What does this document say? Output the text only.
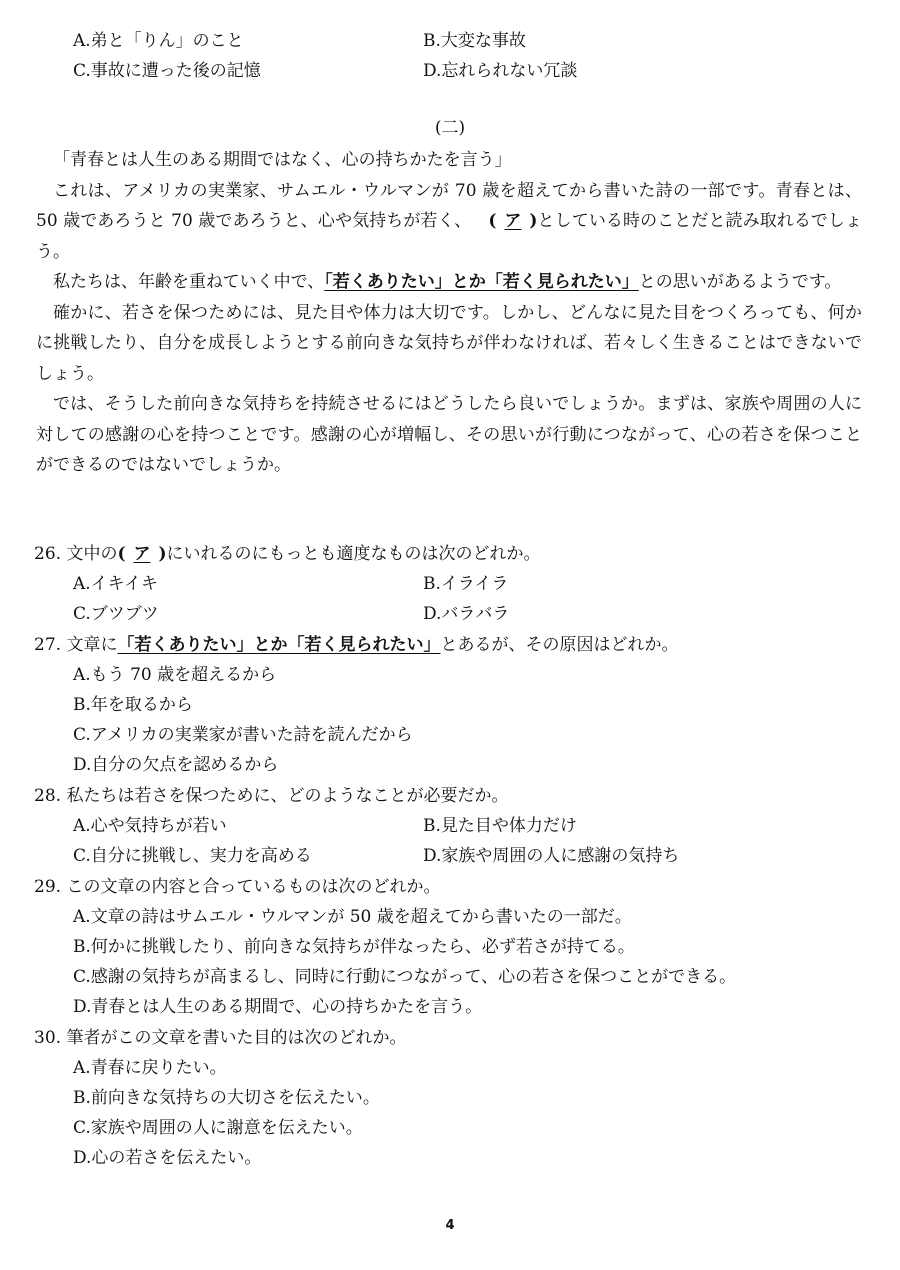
A.弟と「りん」のこと	B.大変な事故
C.事故に遭った後の記憶	D.忘れられない冗談
(二)
「青春とは人生のある期間ではなく、心の持ちかたを言う」
これは、アメリカの実業家、サムエル・ウルマンが 70 歳を超えてから書いた詩の一部です。青春とは、50 歳であろうと 70 歳であろうと、心や気持ちが若く、 ( ア )としている時のことだと読み取れるでしょう。
私たちは、年齢を重ねていく中で、「若くありたい」とか「若く見られたい」との思いがあるようです。
確かに、若さを保つためには、見た目や体力は大切です。しかし、どんなに見た目をつくろっても、何かに挑戦したり、自分を成長しようとする前向きな気持ちが伴わなければ、若々しく生きることはできないでしょう。
では、そうした前向きな気持ちを持続させるにはどうしたら良いでしょうか。まずは、家族や周囲の人に対しての感謝の心を持つことです。感謝の心が増幅し、その思いが行動につながって、心の若さを保つことができるのではないでしょうか。
26. 文中の( ア )にいれるのにもっとも適度なものは次のどれか。
A.イキイキ	B.イライラ
C.ブツブツ	D.バラバラ
27. 文章に「若くありたい」とか「若く見られたい」とあるが、その原因はどれか。
A.もう 70 歳を超えるから
B.年を取るから
C.アメリカの実業家が書いた詩を読んだから
D.自分の欠点を認めるから
28. 私たちは若さを保つために、どのようなことが必要だか。
A.心や気持ちが若い	B.見た目や体力だけ
C.自分に挑戦し、実力を高める	D.家族や周囲の人に感謝の気持ち
29. この文章の内容と合っているものは次のどれか。
A.文章の詩はサムエル・ウルマンが 50 歳を超えてから書いたの一部だ。
B.何かに挑戦したり、前向きな気持ちが伴なったら、必ず若さが持てる。
C.感謝の気持ちが高まるし、同時に行動につながって、心の若さを保つことができる。
D.青春とは人生のある期間で、心の持ちかたを言う。
30. 筆者がこの文章を書いた目的は次のどれか。
A.青春に戻りたい。
B.前向きな気持ちの大切さを伝えたい。
C.家族や周囲の人に謝意を伝えたい。
D.心の若さを伝えたい。
4
